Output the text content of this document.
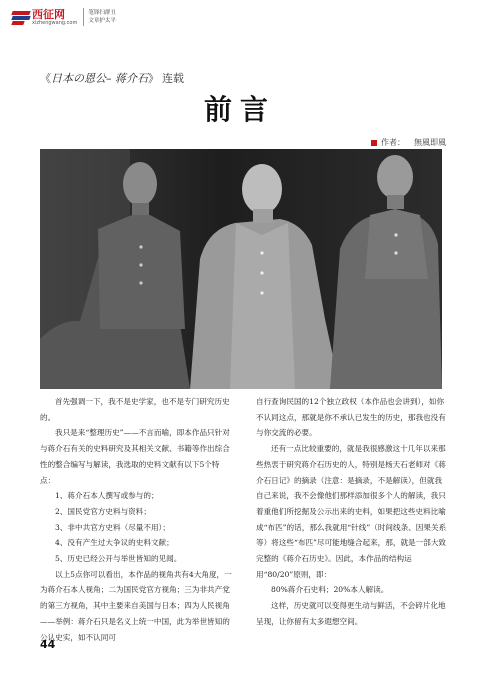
西征网
xizhengwang.com
笔锋扫群丑
文章护太平
《日本の恩公– 蒋介石》 连载
前言
作者： 無風即風

首先强调一下，我不是史学家，也不是专门研究历史的。

我只是来“整理历史”——不言而喻，即本作品只针对与蒋介石有关的史料研究及其相关文献、书籍等作出综合性的整合编写与解读，我选取的史料文献有以下5个特点：

1、蒋介石本人撰写或参与的；

2、国民党官方史料与资料；

3、非中共官方史料（尽量不用）；

4、没有产生过大争议的史料文献；

5、历史已经公开与举世皆知的见闻。

以上5点你可以看出，本作品的视角共有4大角度，一为蒋介石本人视角；二为国民党官方视角；三为非共产党的第三方视角，其中主要来自美国与日本；四为人民视角——举例：蒋介石只是名义上统一中国，此为举世皆知的公认史实，如不认同可

自行查询民国的12个独立政权（本作品也会讲到），如你不认同这点，那就是你不承认已发生的历史，那我也没有与你交流的必要。

还有一点比较重要的，就是我很感激这十几年以来那些热衷于研究蒋介石历史的人，特别是杨天石老师对《蒋介石日记》的摘录（注意：是摘录，不是解读），但就我自己来说，我不会像他们那样添加很多个人的解读，我只着重他们所挖掘及公示出来的史料，如果把这些史料比喻成“布匹”的话，那么我就用“针线”（时间线条、因果关系等）将这些“布匹”尽可能地缝合起来，那，就是一部大致完整的《蒋介石历史》。因此，本作品的结构运用“80/20”原则，即：

80%蒋介石史料；20%本人解读。

这样，历史就可以变得更生动与鲜活，不会碎片化地呈现，让你留有太多遐想空间。

44
